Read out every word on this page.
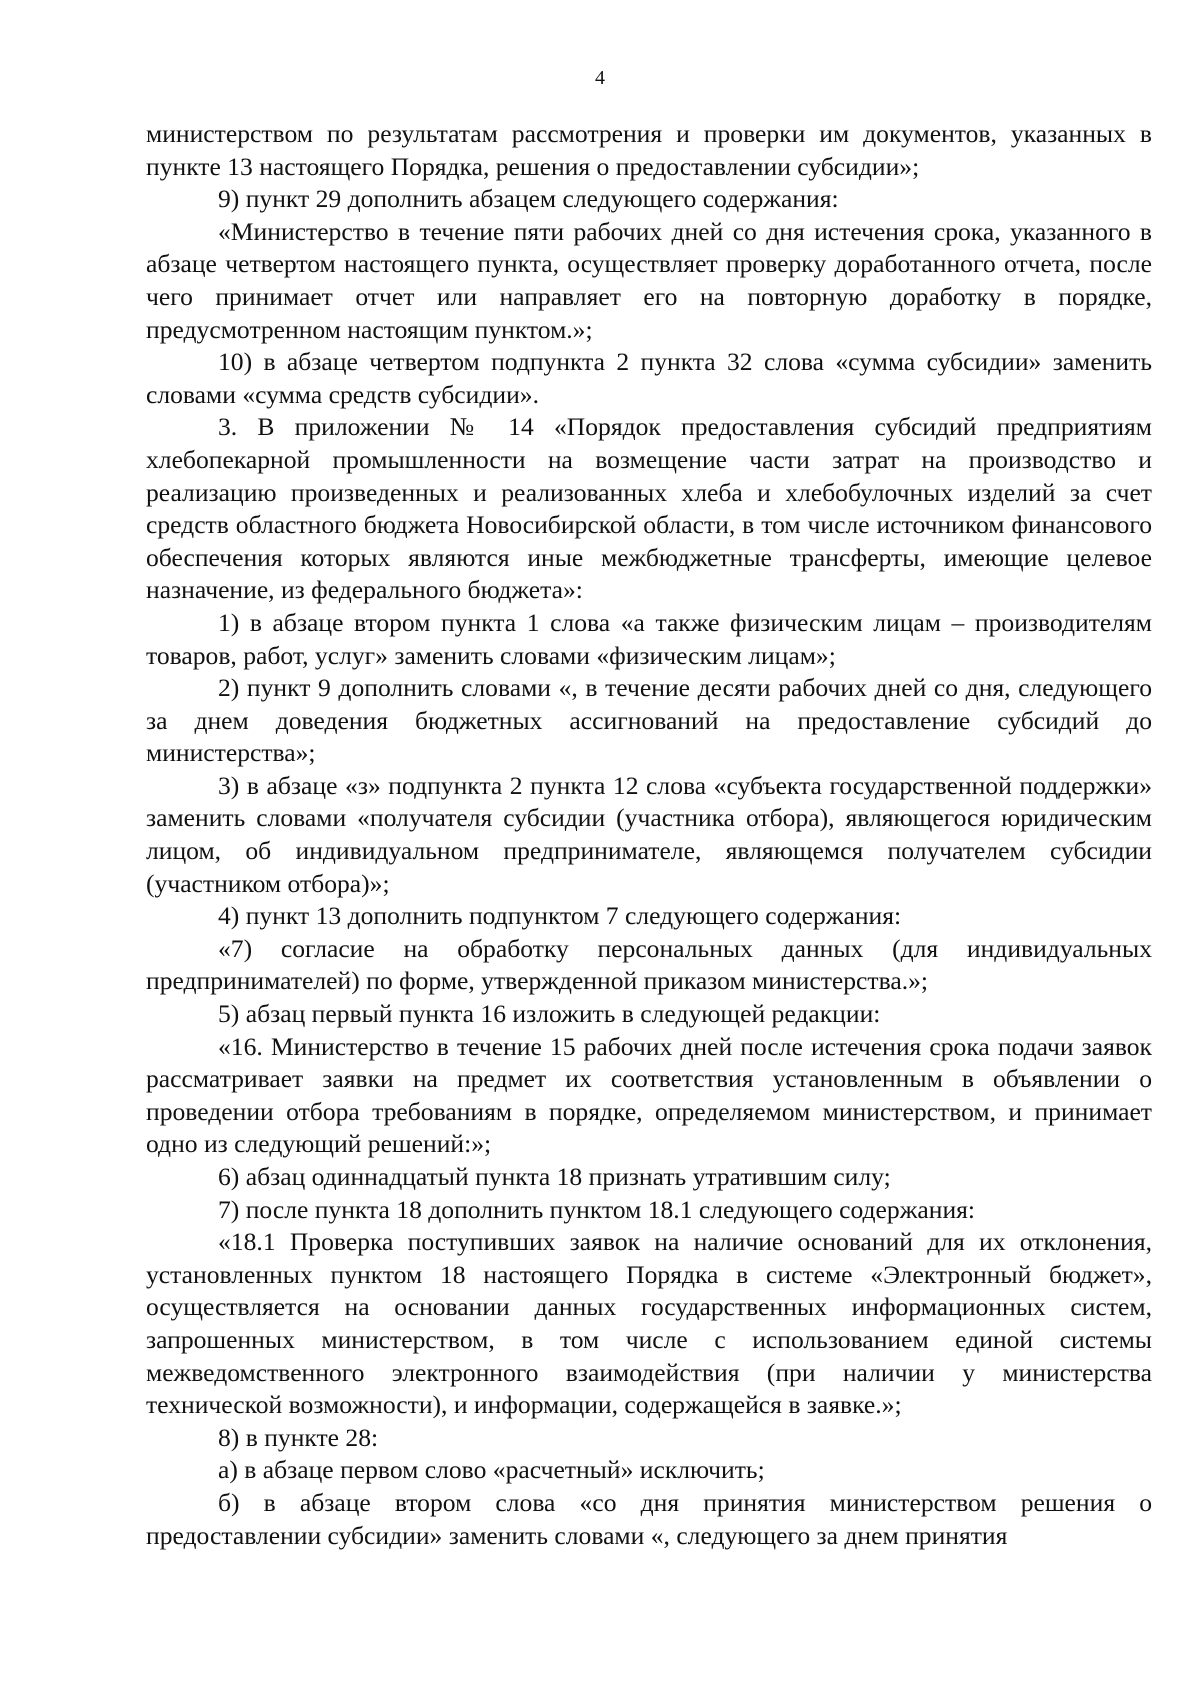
4

министерством по результатам рассмотрения и проверки им документов, указанных в пункте 13 настоящего Порядка, решения о предоставлении субсидии»;

9) пункт 29 дополнить абзацем следующего содержания:

«Министерство в течение пяти рабочих дней со дня истечения срока, указанного в абзаце четвертом настоящего пункта, осуществляет проверку доработанного отчета, после чего принимает отчет или направляет его на повторную доработку в порядке, предусмотренном настоящим пунктом.»;

10) в абзаце четвертом подпункта 2 пункта 32 слова «сумма субсидии» заменить словами «сумма средств субсидии».

3. В приложении № 14 «Порядок предоставления субсидий предприятиям хлебопекарной промышленности на возмещение части затрат на производство и реализацию произведенных и реализованных хлеба и хлебобулочных изделий за счет средств областного бюджета Новосибирской области, в том числе источником финансового обеспечения которых являются иные межбюджетные трансферты, имеющие целевое назначение, из федерального бюджета»:

1) в абзаце втором пункта 1 слова «а также физическим лицам – производителям товаров, работ, услуг» заменить словами «физическим лицам»;

2) пункт 9 дополнить словами «, в течение десяти рабочих дней со дня, следующего за днем доведения бюджетных ассигнований на предоставление субсидий до министерства»;

3) в абзаце «з» подпункта 2 пункта 12 слова «субъекта государственной поддержки» заменить словами «получателя субсидии (участника отбора), являющегося юридическим лицом, об индивидуальном предпринимателе, являющемся получателем субсидии (участником отбора)»;

4) пункт 13 дополнить подпунктом 7 следующего содержания:

«7) согласие на обработку персональных данных (для индивидуальных предпринимателей) по форме, утвержденной приказом министерства.»;

5) абзац первый пункта 16 изложить в следующей редакции:

«16. Министерство в течение 15 рабочих дней после истечения срока подачи заявок рассматривает заявки на предмет их соответствия установленным в объявлении о проведении отбора требованиям в порядке, определяемом министерством, и принимает одно из следующий решений:»;

6) абзац одиннадцатый пункта 18 признать утратившим силу;

7) после пункта 18 дополнить пунктом 18.1 следующего содержания:

«18.1 Проверка поступивших заявок на наличие оснований для их отклонения, установленных пунктом 18 настоящего Порядка в системе «Электронный бюджет», осуществляется на основании данных государственных информационных систем, запрошенных министерством, в том числе с использованием единой системы межведомственного электронного взаимодействия (при наличии у министерства технической возможности), и информации, содержащейся в заявке.»;

8) в пункте 28:

а) в абзаце первом слово «расчетный» исключить;

б) в абзаце втором слова «со дня принятия министерством решения о предоставлении субсидии» заменить словами «, следующего за днем принятия
